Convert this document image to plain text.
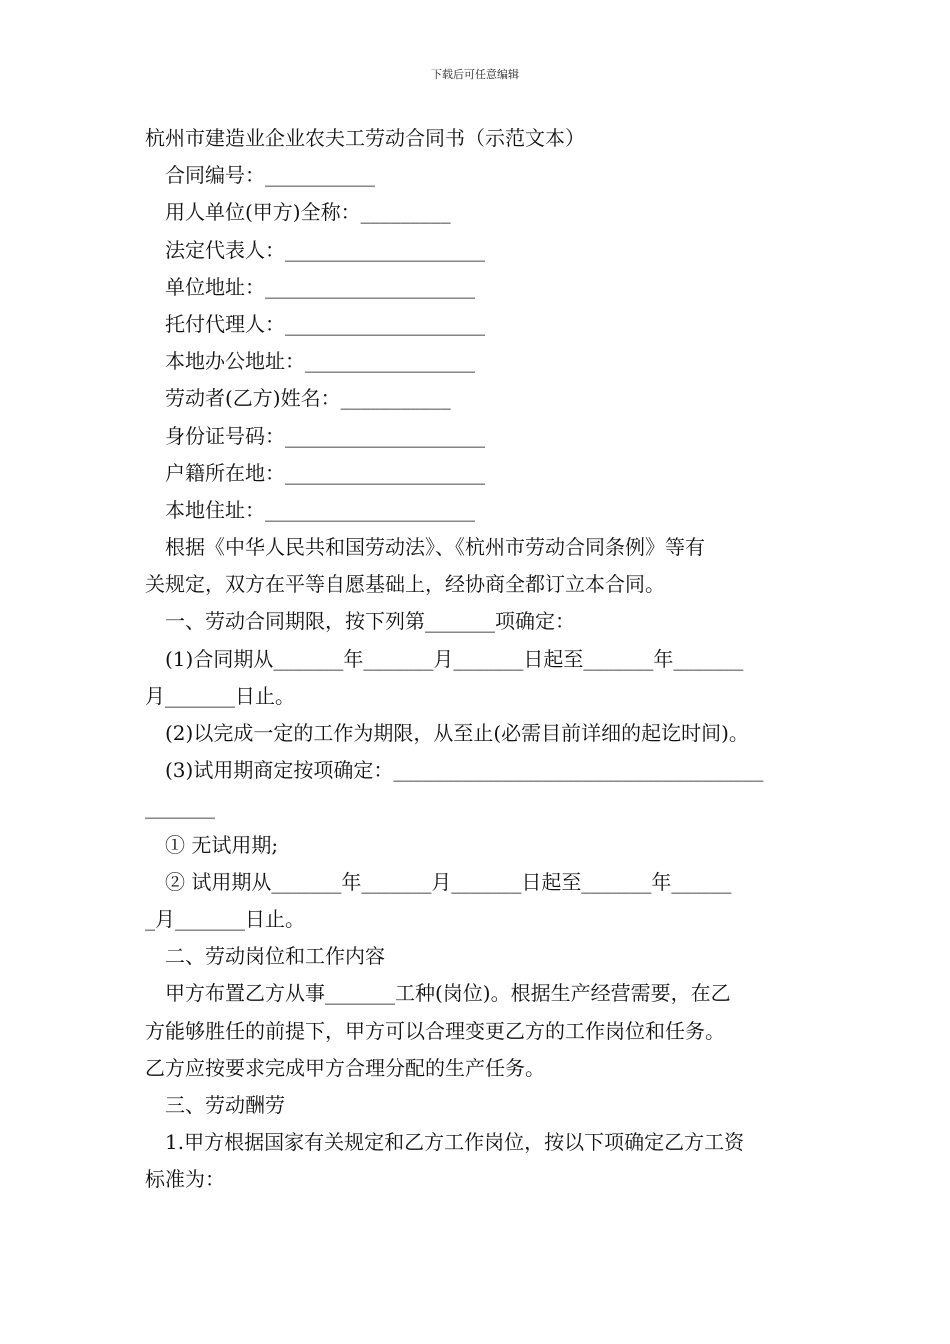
下载后可任意编辑
杭州市建造业企业农夫工劳动合同书（示范文本）
合同编号：___________
用人单位(甲方)全称：_________
法定代表人：____________________
单位地址：_____________________
托付代理人：____________________
本地办公地址：_________________
劳动者(乙方)姓名：___________
身份证号码：____________________
户籍所在地：____________________
本地住址：_____________________
根据《中华人民共和国劳动法》、《杭州市劳动合同条例》等有
关规定，双方在平等自愿基础上，经协商全都订立本合同。
一、劳动合同期限，按下列第_______项确定：
(1)合同期从_______年_______月_______日起至_______年_______
月_______日止。
(2)以完成一定的工作为期限，从至止(必需目前详细的起讫时间)。
(3)试用期商定按项确定：_____________________________________
_______
① 无试用期;
② 试用期从_______年_______月_______日起至_______年______
_月_______日止。
二、劳动岗位和工作内容
甲方布置乙方从事_______工种(岗位)。根据生产经营需要，在乙
方能够胜任的前提下，甲方可以合理变更乙方的工作岗位和任务。
乙方应按要求完成甲方合理分配的生产任务。
三、劳动酬劳
1.甲方根据国家有关规定和乙方工作岗位，按以下项确定乙方工资
标准为：
